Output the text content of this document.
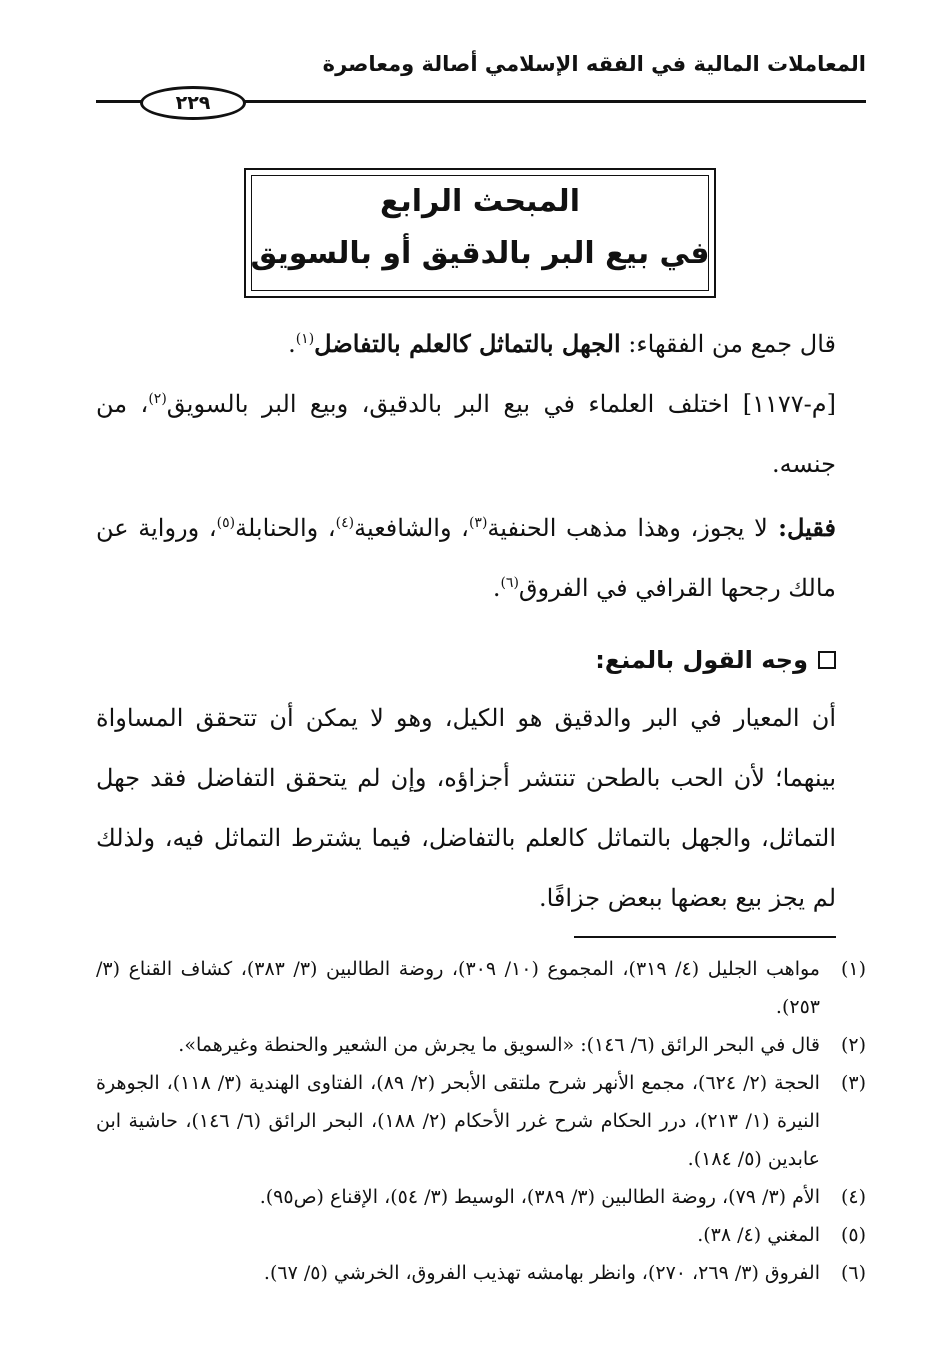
المعاملات المالية في الفقه الإسلامي أصالة ومعاصرة
٢٢٩
المبحث الرابع
في بيع البر بالدقيق أو بالسويق
قال جمع من الفقهاء: الجهل بالتماثل كالعلم بالتفاضل$^{(١)}$.
[م-١١٧٧] اختلف العلماء في بيع البر بالدقيق، وبيع البر بالسويق$^{(٢)}$، من جنسه.
فقيل: لا يجوز، وهذا مذهب الحنفية$^{(٣)}$، والشافعية$^{(٤)}$، والحنابلة$^{(٥)}$، ورواية عن مالك رجحها القرافي في الفروق$^{(٦)}$.
وجه القول بالمنع:
أن المعيار في البر والدقيق هو الكيل، وهو لا يمكن أن تتحقق المساواة بينهما؛ لأن الحب بالطحن تنتشر أجزاؤه، وإن لم يتحقق التفاضل فقد جهل التماثل، والجهل بالتماثل كالعلم بالتفاضل، فيما يشترط التماثل فيه، ولذلك لم يجز بيع بعضها ببعض جزافًا.
(١)
مواهب الجليل (٤/ ٣١٩)، المجموع (١٠/ ٣٠٩)، روضة الطالبين (٣/ ٣٨٣)، كشاف القناع (٣/ ٢٥٣).
(٢)
قال في البحر الرائق (٦/ ١٤٦): «السويق ما يجرش من الشعير والحنطة وغيرهما».
(٣)
الحجة (٢/ ٦٢٤)، مجمع الأنهر شرح ملتقى الأبحر (٢/ ٨٩)، الفتاوى الهندية (٣/ ١١٨)، الجوهرة النيرة (١/ ٢١٣)، درر الحكام شرح غرر الأحكام (٢/ ١٨٨)، البحر الرائق (٦/ ١٤٦)، حاشية ابن عابدين (٥/ ١٨٤).
(٤)
الأم (٣/ ٧٩)، روضة الطالبين (٣/ ٣٨٩)، الوسيط (٣/ ٥٤)، الإقناع (ص٩٥).
(٥)
المغني (٤/ ٣٨).
(٦)
الفروق (٣/ ٢٦٩، ٢٧٠)، وانظر بهامشه تهذيب الفروق، الخرشي (٥/ ٦٧).
